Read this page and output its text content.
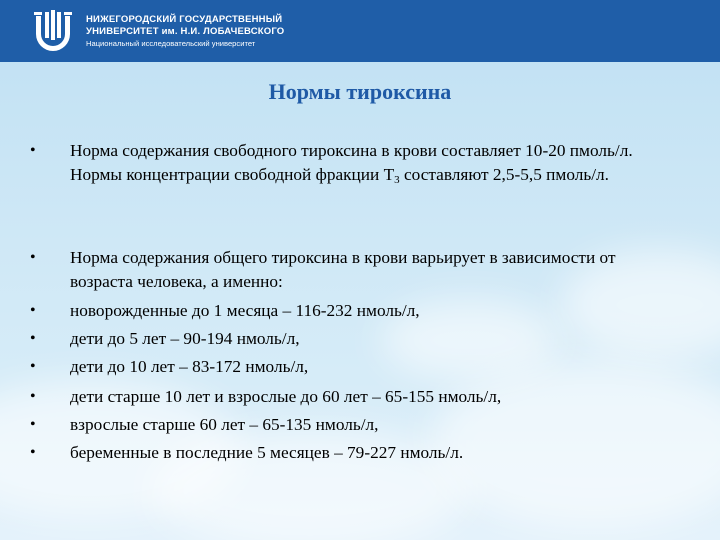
НИЖЕГОРОДСКИЙ ГОСУДАРСТВЕННЫЙ
УНИВЕРСИТЕТ им. Н.И. ЛОБАЧЕВСКОГО
Национальный исследовательский университет
Нормы тироксина
•	Норма содержания свободного тироксина в крови составляет 10-20 пмоль/л. Нормы концентрации свободной фракции $Т_3$ составляют 2,5-5,5 пмоль/л.
•	Норма содержания общего тироксина в крови варьирует в зависимости от возраста человека, а именно:
•	новорожденные до 1 месяца – 116-232 нмоль/л,
•	дети до 5 лет – 90-194 нмоль/л,
•	дети до 10 лет – 83-172 нмоль/л,
•	дети старше 10 лет и взрослые до 60 лет – 65-155 нмоль/л,
•	взрослые старше 60 лет – 65-135 нмоль/л,
•	беременные в последние 5 месяцев – 79-227 нмоль/л.
